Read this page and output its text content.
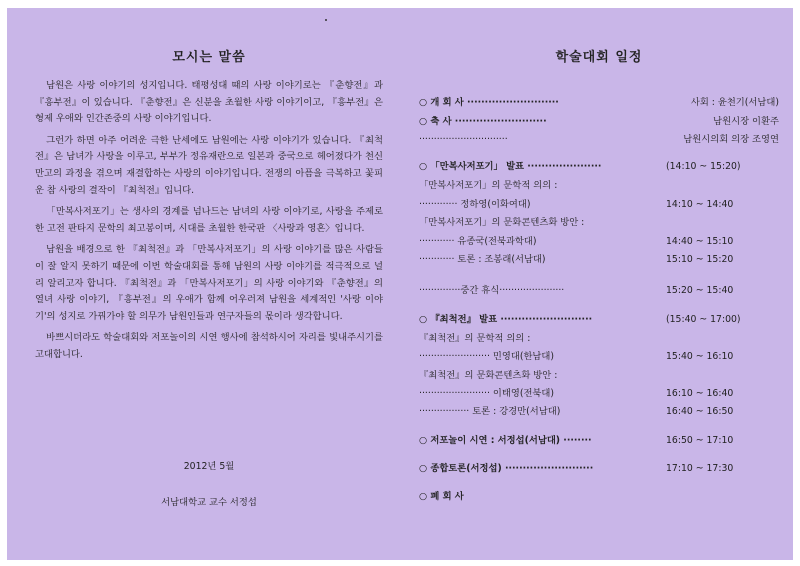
모시는 말씀

남원은 사랑 이야기의 성지입니다. 태평성대 때의 사랑 이야기로는 『춘향전』과 『흥부전』이 있습니다. 『춘향전』은 신분을 초월한 사랑 이야기이고, 『흥부전』은 형제 우애와 인간존중의 사랑 이야기입니다.

그런가 하면 아주 어려운 극한 난세에도 남원에는 사랑 이야기가 있습니다. 『최척전』은 남녀가 사랑을 이루고, 부부가 정유재란으로 일본과 중국으로 헤어졌다가 천신만고의 과정을 겪으며 재결합하는 사랑의 이야기입니다. 전쟁의 아픔을 극복하고 꽃피운 참 사랑의 결작이 『최척전』입니다.

「만복사저포기」는 생사의 경계를 넘나드는 남녀의 사랑 이야기로, 사랑을 주제로 한 고전 판타지 문학의 최고봉이며, 시대를 초월한 한국판 〈사랑과 영혼〉입니다.

남원을 배경으로 한 『최척전』과 「만복사저포기」의 사랑 이야기를 많은 사람들이 잘 알지 못하기 때문에 이번 학술대회를 통해 남원의 사랑 이야기를 적극적으로 널리 알리고자 합니다. 『최척전』과 「만복사저포기」의 사랑 이야기와 『춘향전』의 열녀 사랑 이야기, 『흥부전』의 우애가 함께 어우러져 남원을 세계적인 '사랑 이야기'의 성지로 가꿔가야 할 의무가 남원인들과 연구자들의 몫이라 생각합니다.

바쁘시더라도 학술대회와 저포놀이의 시연 행사에 참석하시어 자리를 빛내주시기를 고대합니다.

2012년 5월
서남대학교 교수 서정섭
학술대회 일정
○ 개 회 사 ··························	사회 : 윤천기(서남대)
○ 축 사 ··························	남원시장 이환주
······························	남원시의회 의장 조영연
○ 「만복사저포기」 발표 ·····················	(14:10 ~ 15:20)
「만복사저포기」의 문학적 의의 :
············· 정하영(이화여대)	14:10 ~ 14:40
「만복사저포기」의 문화콘텐츠화 방안 :
············ 유종국(전북과학대)	14:40 ~ 15:10
············ 토론 : 조봉래(서남대)	15:10 ~ 15:20
··············중간 휴식······················	15:20 ~ 15:40
○ 『최척전』 발표 ··························	(15:40 ~ 17:00)
『최척전』의 문학적 의의 :
························ 민영대(한남대)	15:40 ~ 16:10
『최척전』의 문화콘텐츠화 방안 :
························ 이태영(전북대)	16:10 ~ 16:40
················· 토론 : 강경만(서남대)	16:40 ~ 16:50
○ 저포놀이 시연 : 서정섭(서남대) ········	16:50 ~ 17:10
○ 종합토론(서정섭) ·························	17:10 ~ 17:30
○ 폐 회 사
